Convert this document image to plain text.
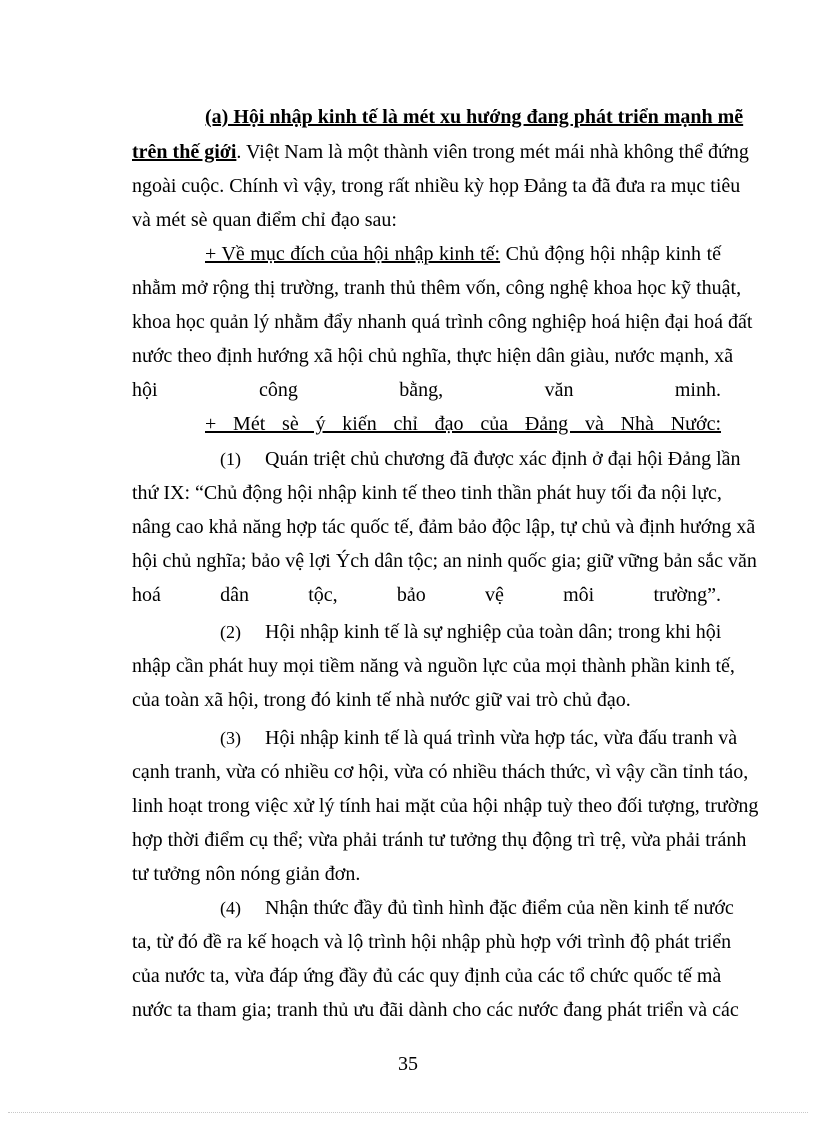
(a) Hội nhập kinh tế là mét xu hướng đang phát triển mạnh mẽ
trên thế giới. Việt Nam là một thành viên trong mét mái nhà không thể đứng
ngoài cuộc. Chính vì vậy, trong rất nhiều kỳ họp Đảng ta đã đưa ra mục tiêu
và mét sè quan điểm chỉ đạo sau:
+ Về mục đích của hội nhập kinh tế: Chủ động hội nhập kinh tế
nhằm mở rộng thị trường, tranh thủ thêm vốn, công nghệ khoa học kỹ thuật,
khoa học quản lý nhằm đẩy nhanh quá trình công nghiệp hoá hiện đại hoá đất
nước theo định hướng xã hội chủ nghĩa, thực hiện dân giàu, nước mạnh, xã
hội công bằng, văn minh.
+ Mét sè ý kiến chỉ đạo của Đảng và Nhà Nước:
(1) Quán triệt chủ chương đã được xác định ở đại hội Đảng lần
thứ IX: “Chủ động hội nhập kinh tế theo tinh thần phát huy tối đa nội lực,
nâng cao khả năng hợp tác quốc tế, đảm bảo độc lập, tự chủ và định hướng xã
hội chủ nghĩa; bảo vệ lợi Ých dân tộc; an ninh quốc gia; giữ vững bản sắc văn
hoá dân tộc, bảo vệ môi trường”.
(2) Hội nhập kinh tế là sự nghiệp của toàn dân; trong khi hội
nhập cần phát huy mọi tiềm năng và nguồn lực của mọi thành phần kinh tế,
của toàn xã hội, trong đó kinh tế nhà nước giữ vai trò chủ đạo.
(3) Hội nhập kinh tế là quá trình vừa hợp tác, vừa đấu tranh và
cạnh tranh, vừa có nhiều cơ hội, vừa có nhiều thách thức, vì vậy cần tỉnh táo,
linh hoạt trong việc xử lý tính hai mặt của hội nhập tuỳ theo đối tượng, trường
hợp thời điểm cụ thể; vừa phải tránh tư tưởng thụ động trì trệ, vừa phải tránh
tư tưởng nôn nóng giản đơn.
(4) Nhận thức đầy đủ tình hình đặc điểm của nền kinh tế nước
ta, từ đó đề ra kế hoạch và lộ trình hội nhập phù hợp với trình độ phát triển
của nước ta, vừa đáp ứng đầy đủ các quy định của các tổ chức quốc tế mà
nước ta tham gia; tranh thủ ưu đãi dành cho các nước đang phát triển và các
35
